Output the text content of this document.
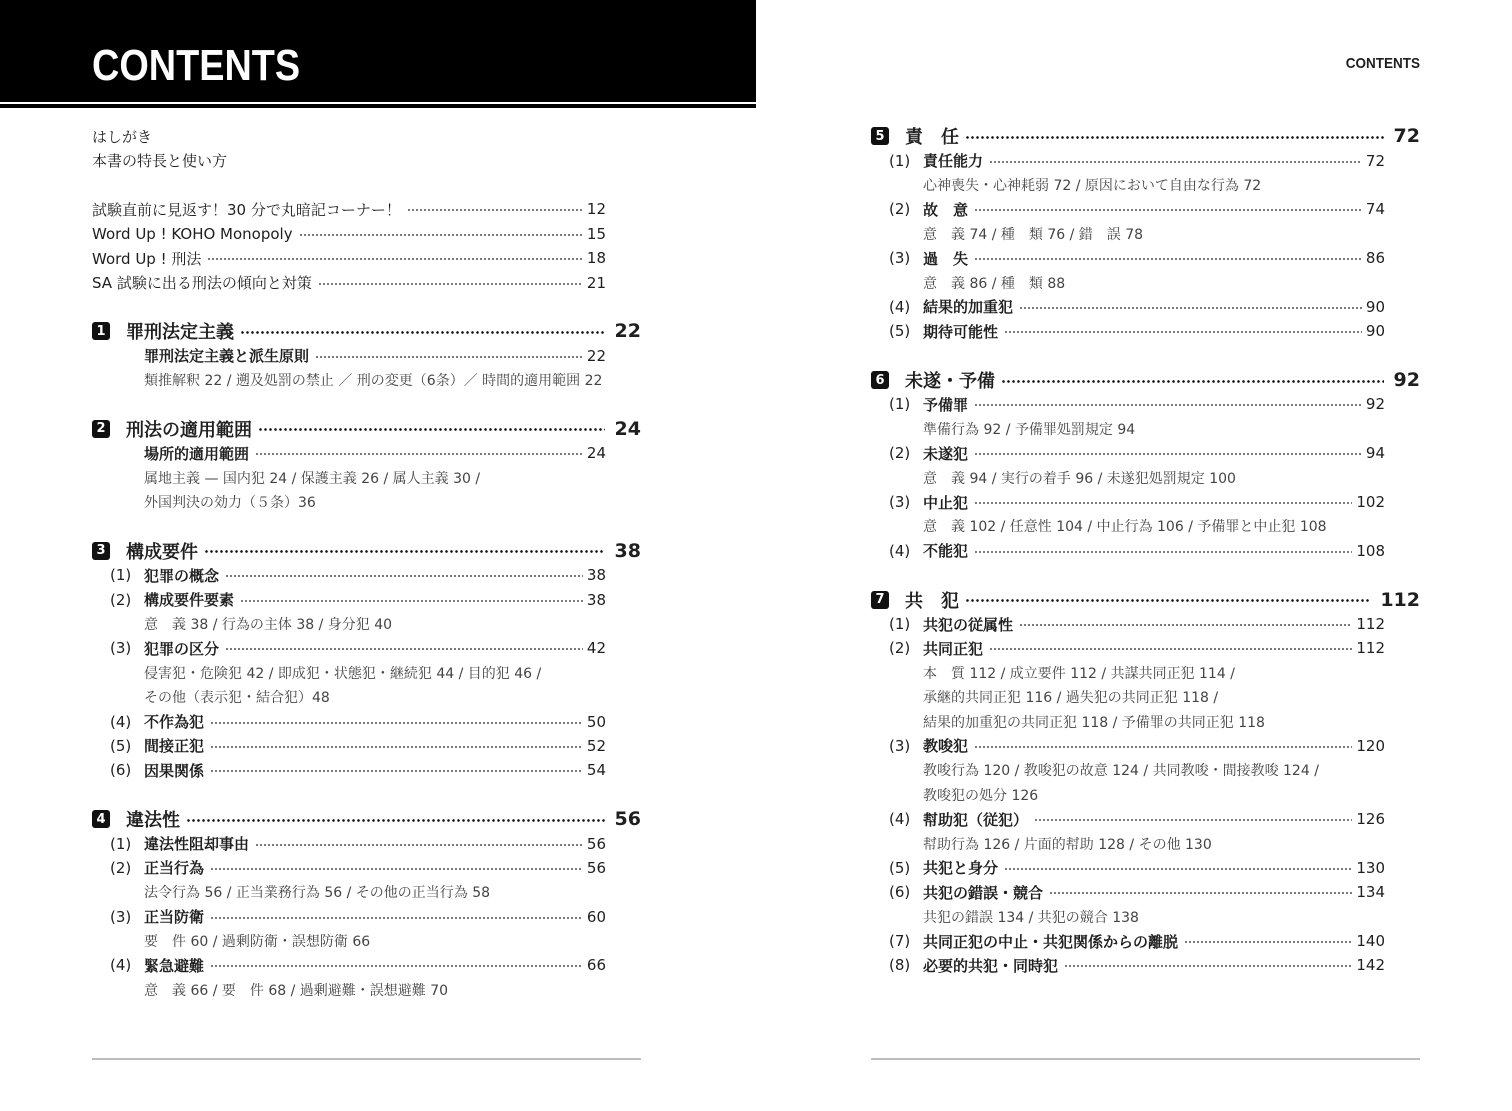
CONTENTS	CONTENTS
はしがき
本書の特長と使い方
試験直前に見返す！30 分で丸暗記コーナー！	12
Word Up ! KOHO Monopoly	15
Word Up ! 刑法	18
SA 試験に出る刑法の傾向と対策	21
1 罪刑法定主義	22
罪刑法定主義と派生原則	22
類推解釈 22 / 遡及処罰の禁止 ／ 刑の変更（6条）／ 時間的適用範囲 22
2 刑法の適用範囲	24
場所的適用範囲	24
属地主義 — 国内犯 24 / 保護主義 26 / 属人主義 30 /
外国判決の効力（５条）36
3 構成要件	38
(1) 犯罪の概念	38
(2) 構成要件要素	38
意　義 38 / 行為の主体 38 / 身分犯 40
(3) 犯罪の区分	42
侵害犯・危険犯 42 / 即成犯・状態犯・継続犯 44 / 目的犯 46 /
その他（表示犯・結合犯）48
(4) 不作為犯	50
(5) 間接正犯	52
(6) 因果関係	54
4 違法性	56
(1) 違法性阻却事由	56
(2) 正当行為	56
法令行為 56 / 正当業務行為 56 / その他の正当行為 58
(3) 正当防衛	60
要　件 60 / 過剰防衛・誤想防衛 66
(4) 緊急避難	66
意　義 66 / 要　件 68 / 過剰避難・誤想避難 70
5 責　任	72
(1) 責任能力	72
心神喪失・心神耗弱 72 / 原因において自由な行為 72
(2) 故　意	74
意　義 74 / 種　類 76 / 錯　誤 78
(3) 過　失	86
意　義 86 / 種　類 88
(4) 結果的加重犯	90
(5) 期待可能性	90
6 未遂・予備	92
(1) 予備罪	92
準備行為 92 / 予備罪処罰規定 94
(2) 未遂犯	94
意　義 94 / 実行の着手 96 / 未遂犯処罰規定 100
(3) 中止犯	102
意　義 102 / 任意性 104 / 中止行為 106 / 予備罪と中止犯 108
(4) 不能犯	108
7 共　犯	112
(1) 共犯の従属性	112
(2) 共同正犯	112
本　質 112 / 成立要件 112 / 共謀共同正犯 114 /
承継的共同正犯 116 / 過失犯の共同正犯 118 /
結果的加重犯の共同正犯 118 / 予備罪の共同正犯 118
(3) 教唆犯	120
教唆行為 120 / 教唆犯の故意 124 / 共同教唆・間接教唆 124 /
教唆犯の処分 126
(4) 幇助犯（従犯）	126
幇助行為 126 / 片面的幇助 128 / その他 130
(5) 共犯と身分	130
(6) 共犯の錯誤・競合	134
共犯の錯誤 134 / 共犯の競合 138
(7) 共同正犯の中止・共犯関係からの離脱	140
(8) 必要的共犯・同時犯	142
